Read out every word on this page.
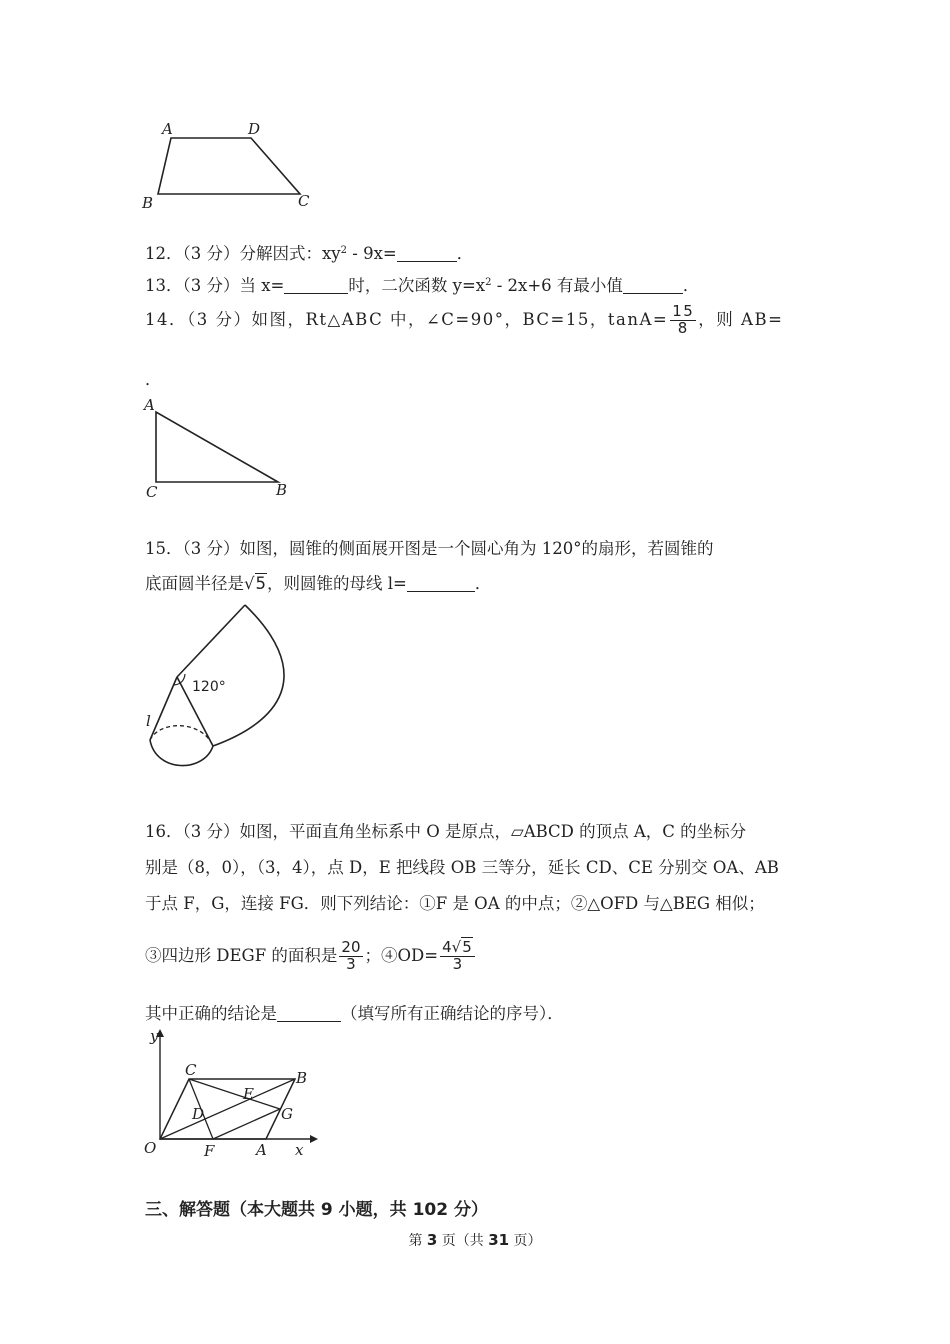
A	D
B	C
12．（3 分）分解因式：$xy^2 - 9x=$	．
13．（3 分）当 x=	时，二次函数 $y=x^2 - 2x+6$ 有最小值	．
14．（3 分）如图，Rt△ABC 中，∠C=90°，BC=15，$\tan A= \frac{15}{8}$ ，则 AB=
．
A
C	B
15．（3 分）如图，圆锥的侧面展开图是一个圆心角为 120°的扇形，若圆锥的
底面圆半径是√5，则圆锥的母线 l=	．
120°
l
16．（3 分）如图，平面直角坐标系中 O 是原点，▱ABCD 的顶点 A，C 的坐标分
别是（8，0），（3，4），点 D，E 把线段 OB 三等分，延长 CD、CE 分别交 OA、AB
于点 F，G，连接 FG．则下列结论：①F 是 OA 的中点；②△OFD 与△BEG 相似；
③四边形 DEGF 的面积是 $\frac{20}{3}$ ；④OD= $\frac{4√5}{3}$
其中正确的结论是	（填写所有正确结论的序号）．
y
x
O	F	A
C	B
D
E
G
三、解答题（本大题共 9 小题，共 102 分）
第 3 页（共 31 页）
